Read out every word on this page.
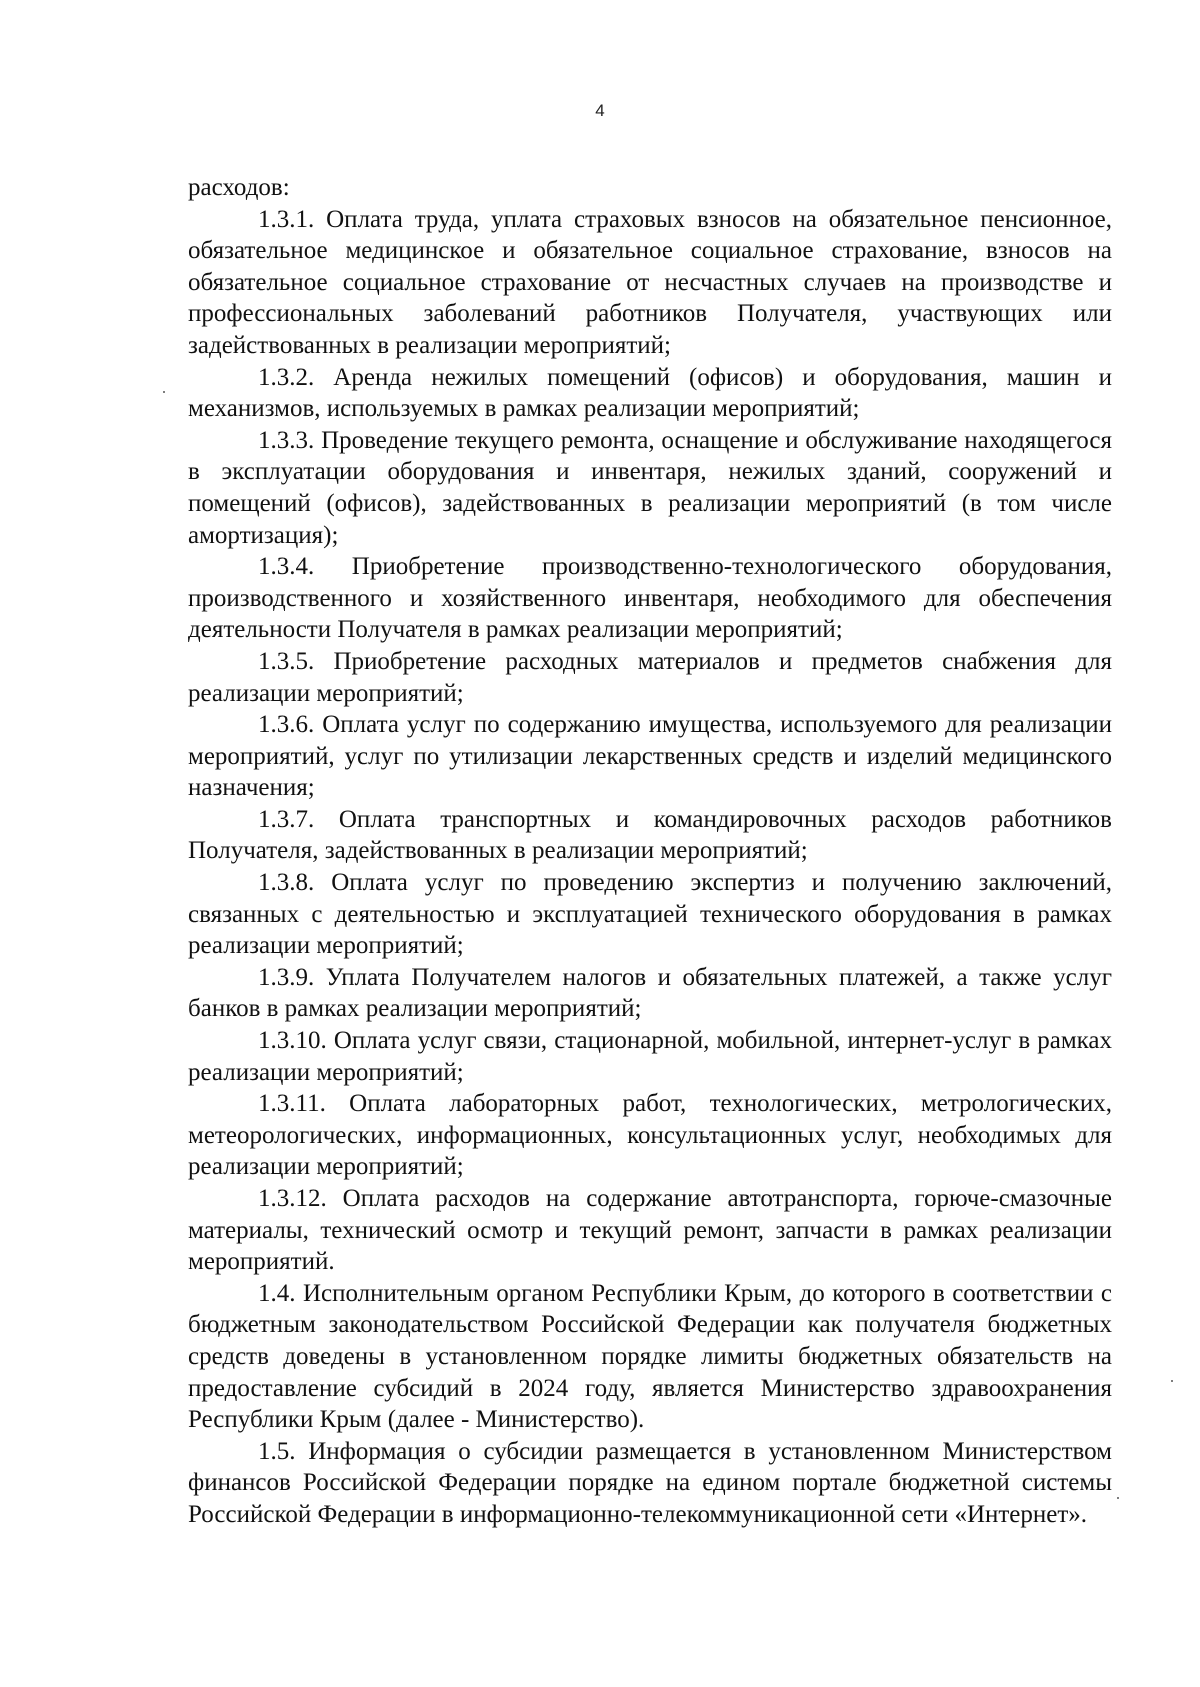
4

расходов:

1.3.1. Оплата труда, уплата страховых взносов на обязательное пенсионное, обязательное медицинское и обязательное социальное страхование, взносов на обязательное социальное страхование от несчастных случаев на производстве и профессиональных заболеваний работников Получателя, участвующих или задействованных в реализации мероприятий;

1.3.2. Аренда нежилых помещений (офисов) и оборудования, машин и механизмов, используемых в рамках реализации мероприятий;

1.3.3. Проведение текущего ремонта, оснащение и обслуживание находящегося в эксплуатации оборудования и инвентаря, нежилых зданий, сооружений и помещений (офисов), задействованных в реализации мероприятий (в том числе амортизация);

1.3.4. Приобретение производственно-технологического оборудования, производственного и хозяйственного инвентаря, необходимого для обеспечения деятельности Получателя в рамках реализации мероприятий;

1.3.5. Приобретение расходных материалов и предметов снабжения для реализации мероприятий;

1.3.6. Оплата услуг по содержанию имущества, используемого для реализации мероприятий, услуг по утилизации лекарственных средств и изделий медицинского назначения;

1.3.7. Оплата транспортных и командировочных расходов работников Получателя, задействованных в реализации мероприятий;

1.3.8. Оплата услуг по проведению экспертиз и получению заключений, связанных с деятельностью и эксплуатацией технического оборудования в рамках реализации мероприятий;

1.3.9. Уплата Получателем налогов и обязательных платежей, а также услуг банков в рамках реализации мероприятий;

1.3.10. Оплата услуг связи, стационарной, мобильной, интернет-услуг в рамках реализации мероприятий;

1.3.11. Оплата лабораторных работ, технологических, метрологических, метеорологических, информационных, консультационных услуг, необходимых для реализации мероприятий;

1.3.12. Оплата расходов на содержание автотранспорта, горюче-смазочные материалы, технический осмотр и текущий ремонт, запчасти в рамках реализации мероприятий.

1.4. Исполнительным органом Республики Крым, до которого в соответствии с бюджетным законодательством Российской Федерации как получателя бюджетных средств доведены в установленном порядке лимиты бюджетных обязательств на предоставление субсидий в 2024 году, является Министерство здравоохранения Республики Крым (далее - Министерство).

1.5. Информация о субсидии размещается в установленном Министерством финансов Российской Федерации порядке на едином портале бюджетной системы Российской Федерации в информационно-телекоммуникационной сети «Интернет».
